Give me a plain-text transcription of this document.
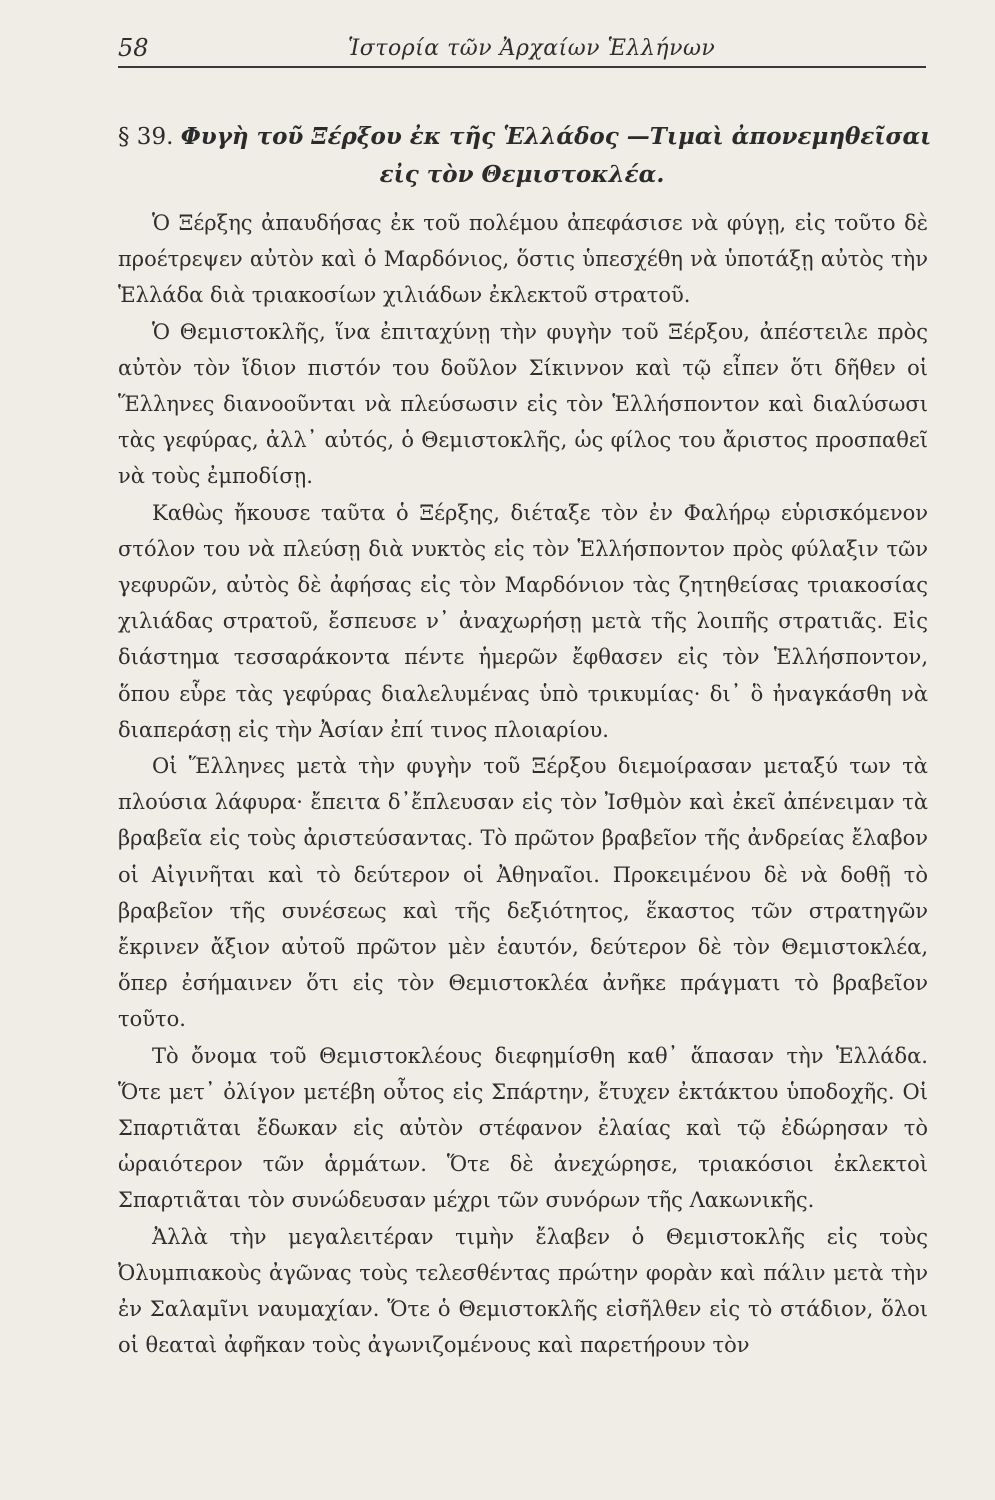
58	Ἱστορία τῶν Ἀρχαίων Ἑλλήνων
§ 39. Φυγὴ τοῦ Ξέρξου ἐκ τῆς Ἑλλάδος —Τιμαὶ ἀπονεμηθεῖσαι
εἰς τὸν Θεμιστοκλέα.

Ὁ Ξέρξης ἀπαυδήσας ἐκ τοῦ πολέμου ἀπεφάσισε νὰ φύγῃ, εἰς τοῦτο δὲ προέτρεψεν αὐτὸν καὶ ὁ Μαρδόνιος, ὅστις ὑπεσχέθη νὰ ὑποτάξῃ αὐτὸς τὴν Ἑλλάδα διὰ τριακοσίων χιλιάδων ἐκλεκτοῦ στρατοῦ.

Ὁ Θεμιστοκλῆς, ἵνα ἐπιταχύνῃ τὴν φυγὴν τοῦ Ξέρξου, ἀπέστειλε πρὸς αὐτὸν τὸν ἴδιον πιστόν του δοῦλον Σίκιννον καὶ τῷ εἶπεν ὅτι δῆθεν οἱ Ἕλληνες διανοοῦνται νὰ πλεύσωσιν εἰς τὸν Ἑλλήσποντον καὶ διαλύσωσι τὰς γεφύρας, ἀλλ᾽ αὐτός, ὁ Θεμιστοκλῆς, ὡς φίλος του ἄριστος προσπαθεῖ νὰ τοὺς ἐμποδίσῃ.

Καθὼς ἤκουσε ταῦτα ὁ Ξέρξης, διέταξε τὸν ἐν Φαλήρῳ εὑρισκόμενον στόλον του νὰ πλεύσῃ διὰ νυκτὸς εἰς τὸν Ἑλλήσποντον πρὸς φύλαξιν τῶν γεφυρῶν, αὐτὸς δὲ ἀφήσας εἰς τὸν Μαρδόνιον τὰς ζητηθείσας τριακοσίας χιλιάδας στρατοῦ, ἔσπευσε ν᾽ ἀναχωρήσῃ μετὰ τῆς λοιπῆς στρατιᾶς. Εἰς διάστημα τεσσαράκοντα πέντε ἡμερῶν ἔφθασεν εἰς τὸν Ἑλλήσποντον, ὅπου εὗρε τὰς γεφύρας διαλελυμένας ὑπὸ τρικυμίας· δι᾽ ὃ ἠναγκάσθη νὰ διαπεράσῃ εἰς τὴν Ἀσίαν ἐπί τινος πλοιαρίου.

Οἱ Ἕλληνες μετὰ τὴν φυγὴν τοῦ Ξέρξου διεμοίρασαν μεταξύ των τὰ πλούσια λάφυρα· ἔπειτα δ᾽ἔπλευσαν εἰς τὸν Ἰσθμὸν καὶ ἐκεῖ ἀπένειμαν τὰ βραβεῖα εἰς τοὺς ἀριστεύσαντας. Τὸ πρῶτον βραβεῖον τῆς ἀνδρείας ἔλαβον οἱ Αἰγινῆται καὶ τὸ δεύτερον οἱ Ἀθηναῖοι. Προκειμένου δὲ νὰ δοθῇ τὸ βραβεῖον τῆς συνέσεως καὶ τῆς δεξιότητος, ἕκαστος τῶν στρατηγῶν ἔκρινεν ἄξιον αὐτοῦ πρῶτον μὲν ἑαυτόν, δεύτερον δὲ τὸν Θεμιστοκλέα, ὅπερ ἐσήμαινεν ὅτι εἰς τὸν Θεμιστοκλέα ἀνῆκε πράγματι τὸ βραβεῖον τοῦτο.

Τὸ ὄνομα τοῦ Θεμιστοκλέους διεφημίσθη καθ᾽ ἅπασαν τὴν Ἑλλάδα. Ὅτε μετ᾽ ὀλίγον μετέβη οὗτος εἰς Σπάρτην, ἔτυχεν ἐκτάκτου ὑποδοχῆς. Οἱ Σπαρτιᾶται ἔδωκαν εἰς αὐτὸν στέφανον ἐλαίας καὶ τῷ ἐδώρησαν τὸ ὡραιότερον τῶν ἁρμάτων. Ὅτε δὲ ἀνεχώρησε, τριακόσιοι ἐκλεκτοὶ Σπαρτιᾶται τὸν συνώδευσαν μέχρι τῶν συνόρων τῆς Λακωνικῆς.

Ἀλλὰ τὴν μεγαλειτέραν τιμὴν ἔλαβεν ὁ Θεμιστοκλῆς εἰς τοὺς Ὀλυμπιακοὺς ἀγῶνας τοὺς τελεσθέντας πρώτην φορὰν καὶ πάλιν μετὰ τὴν ἐν Σαλαμῖνι ναυμαχίαν. Ὅτε ὁ Θεμιστοκλῆς εἰσῆλθεν εἰς τὸ στάδιον, ὅλοι οἱ θεαταὶ ἀφῆκαν τοὺς ἀγωνιζομένους καὶ παρετήρουν τὸν
